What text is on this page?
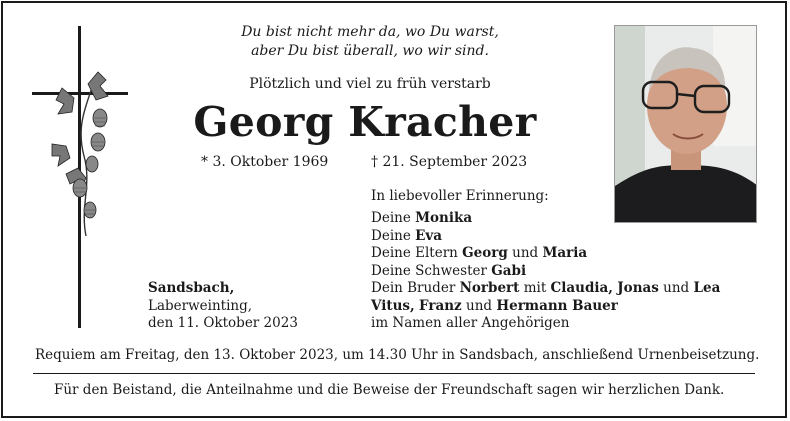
Du bist nicht mehr da, wo Du warst,
aber Du bist überall, wo wir sind.
Plötzlich und viel zu früh verstarb
Georg Kracher
* 3. Oktober 1969	† 21. September 2023
In liebevoller Erinnerung:
Deine Monika
Deine Eva
Deine Eltern Georg und Maria
Deine Schwester Gabi
Dein Bruder Norbert mit Claudia, Jonas und Lea
Vitus, Franz und Hermann Bauer
im Namen aller Angehörigen
Sandsbach,
Laberweinting,
den 11. Oktober 2023
Requiem am Freitag, den 13. Oktober 2023, um 14.30 Uhr in Sandsbach, anschließend Urnenbeisetzung.
Für den Beistand, die Anteilnahme und die Beweise der Freundschaft sagen wir herzlichen Dank.
